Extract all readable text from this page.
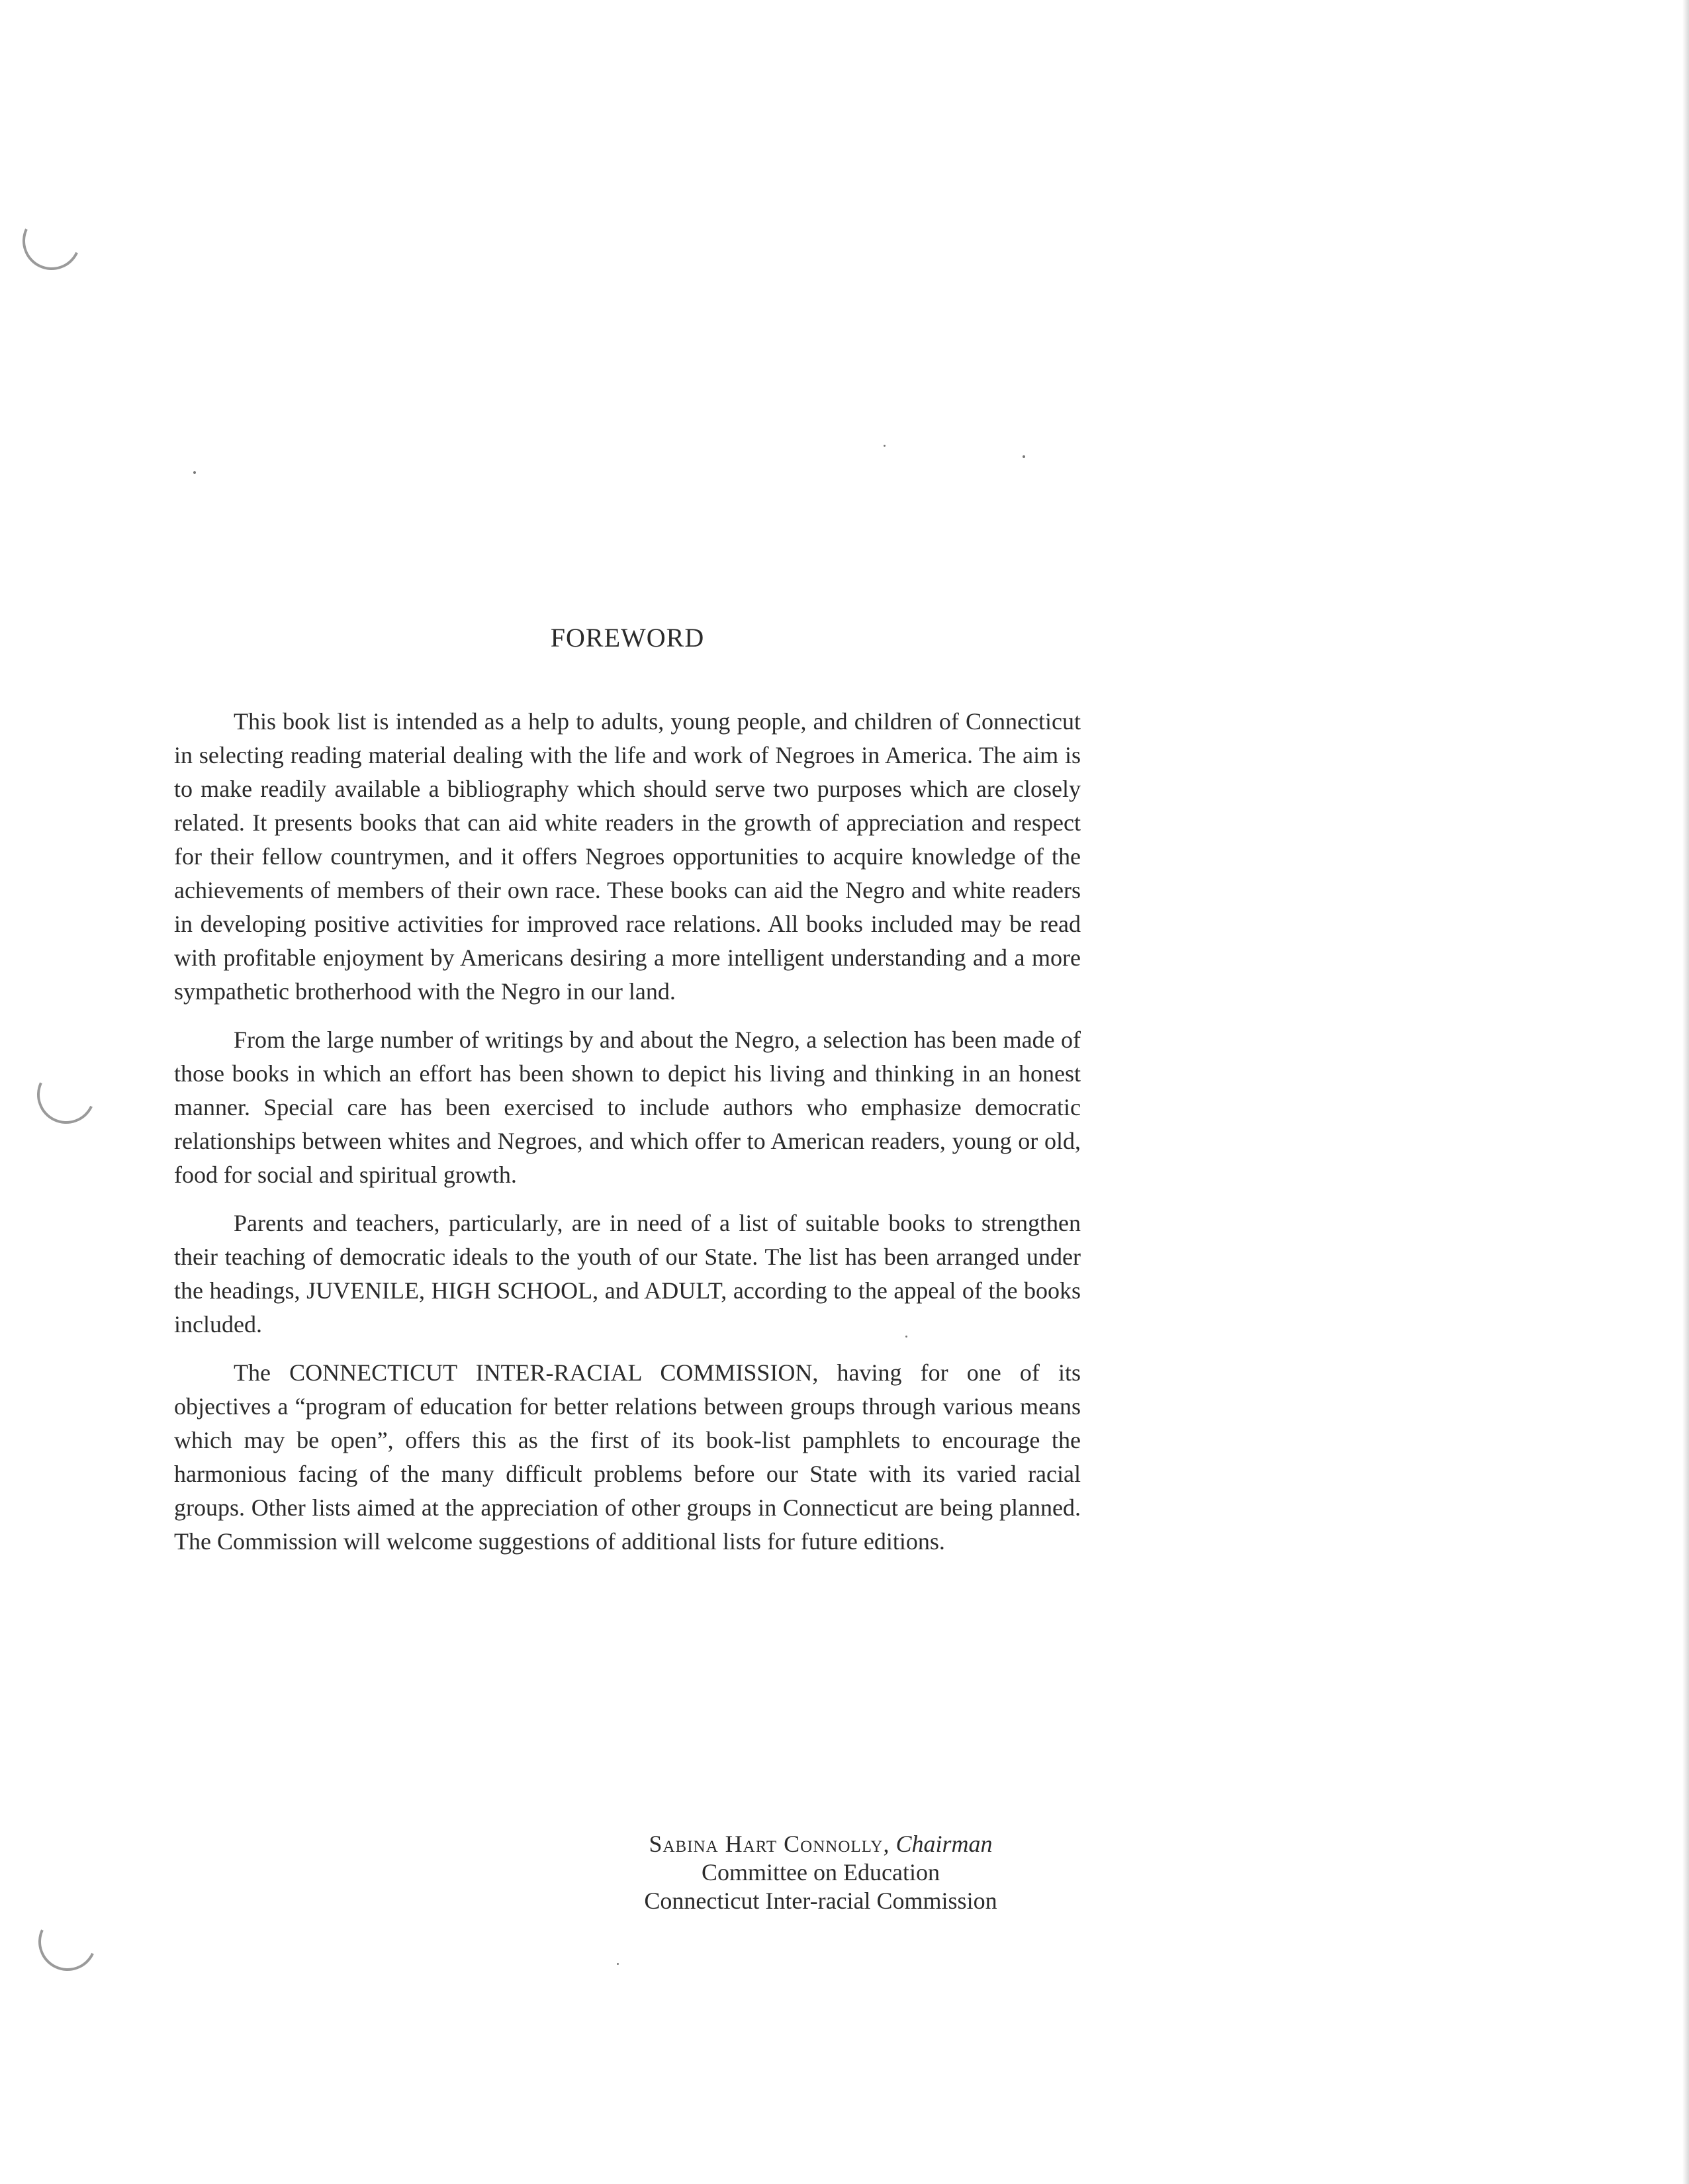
FOREWORD

This book list is intended as a help to adults, young people, and children of Connecticut in selecting reading material dealing with the life and work of Negroes in America. The aim is to make readily available a bibliography which should serve two purposes which are closely related. It presents books that can aid white readers in the growth of appreciation and respect for their fellow countrymen, and it offers Negroes opportunities to acquire knowledge of the achievements of members of their own race. These books can aid the Negro and white readers in developing positive activities for improved race relations. All books included may be read with profitable enjoyment by Americans desiring a more intelligent understanding and a more sympathetic brotherhood with the Negro in our land.

From the large number of writings by and about the Negro, a selection has been made of those books in which an effort has been shown to depict his living and thinking in an honest manner. Special care has been exercised to include authors who emphasize democratic relationships between whites and Negroes, and which offer to American readers, young or old, food for social and spiritual growth.

Parents and teachers, particularly, are in need of a list of suitable books to strengthen their teaching of democratic ideals to the youth of our State. The list has been arranged under the headings, JUVENILE, HIGH SCHOOL, and ADULT, according to the appeal of the books included.

The CONNECTICUT INTER-RACIAL COMMISSION, having for one of its objectives a “program of education for better relations between groups through various means which may be open”, offers this as the first of its book-list pamphlets to encourage the harmonious facing of the many difficult problems before our State with its varied racial groups. Other lists aimed at the appreciation of other groups in Connecticut are being planned. The Commission will welcome suggestions of additional lists for future editions.

Sabina Hart Connolly, Chairman
Committee on Education
Connecticut Inter-racial Commission
